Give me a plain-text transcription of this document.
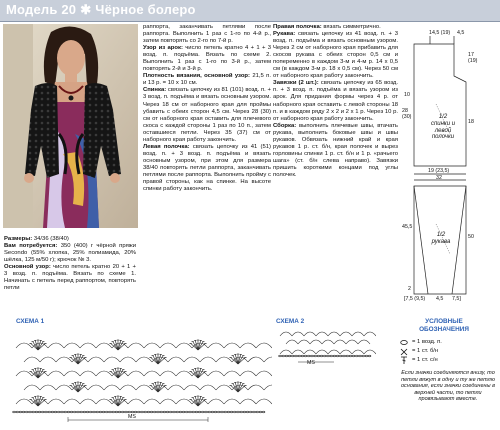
Модель 20 ✱ Чёрное болеро

Размеры: 34/36 (38/40)

Вам потребуется: 350 (400) г чёрной пряжи Secondo (55% хлопка, 25% полиамида, 20% шёлка, 125 м/50 г); крючок № 3.

Основной узор: число петель кратно 20 + 1 + 3 возд. п. подъёма. Вязать по схеме 1. Начинать с петель перед раппортом, повторять петли

раппорта, заканчивать петлями после раппорта. Выполнить 1 раз с 1-го по 4-й р., затем повторять со 2-го по 7-й р.

Узор из арок: число петель кратно 4 + 1 + 3 возд. п. подъёма. Вязать по схеме 2. Выполнить 1 раз с 1-го по 3-й р., затем повторять 2-й и 3-й р.

Плотность вязания, основной узор: 21,5 п. и 13 р. = 10 х 10 см.

Спинка: связать цепочку из 81 (101) возд. п. + 3 возд. п. подъёма и вязать основным узором. Через 18 см от наборного края для проймы убавить с обеих сторон 4,5 см. Через 28 (30) см от наборного края оставить для плечевого скоса с каждой стороны 1 раз по 10 п., затем оставшиеся петли. Через 35 (37) см от наборного края работу закончить.

Левая полочка: связать цепочку из 41 (51) возд. п. + 3 возд. п. подъёма и вязать основным узором, при этом для размера 38/40 повторять петли раппорта, заканчивать петлями после раппорта. Выполнить пройму с правой стороны, как на спинке. На высоте спинки работу закончить.

Правая полочка: вязать симметрично.

Рукава: связать цепочку из 41 возд. п. + 3 возд. п. подъёма и вязать основным узором. Через 2 см от наборного края прибавить для скосов рукава с обеих сторон 0,5 см и попеременно в каждом 3-м и 4-м р. 14 х 0,5 см (в каждом 3-м р. 18 х 0,5 см). Через 50 см от наборного края работу закончить.

Завязки (2 шт.): связать цепочку из 65 возд. п. + 3 возд. п. подъёма и вязать узором из арок. Для придания формы через 4 р. от наборного края оставить с левой стороны 18 п. и в каждом ряду 2 х 2 и 2 х 1 р. Через 10 р. от наборного края работу закончить.

Сборка: выполнить плечевые швы, втачать рукава, выполнить боковые швы и швы рукавов. Обвязать нижний край и края рукавов 1 р. ст. б/н, края полочек и вырез горловины спинки 1 р. ст. б/н и 1 р. «рачьего шага» (ст. б/н слева направо). Завязки пришить короткими концами под углы полочек.

14,5 (19) 4,5
17
(19)
10
28
(30)
18
19 (23,5)
1/2
спинки и
левой
полочки
32
45,5
50
2
[7,5 (9,5) 4,5 7,5]
1/2
рукава
СХЕМА 1
MS
СХЕМА 2
MS
УСЛОВНЫЕ
ОБОЗНАЧЕНИЯ
= 1 возд. п.
= 1 ст. б/н
= 1 ст. с/н
Если значки соединяются внизу, то петли вяжут в одну и ту же петлю основания, если значки соединены в верхней части, то петли провязывают вместе.
